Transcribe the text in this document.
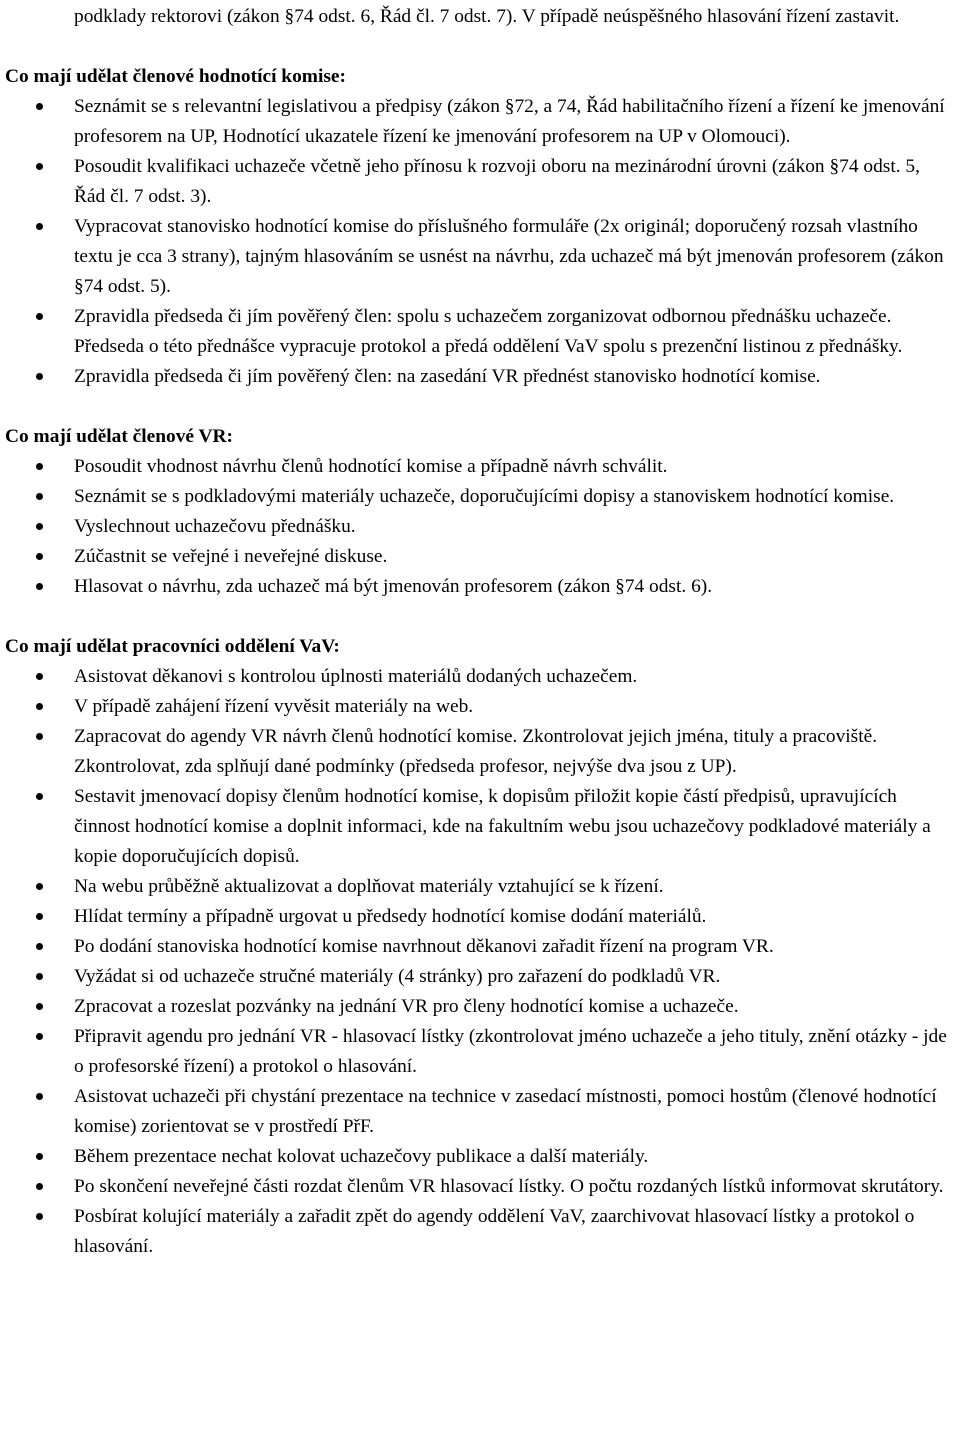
podklady rektorovi (zákon §74 odst. 6, Řád čl. 7 odst. 7). V případě neúspěšného hlasování řízení zastavit.

Co mají udělat členové hodnotící komise:

Seznámit se s relevantní legislativou a předpisy (zákon §72, a 74, Řád habilitačního řízení a řízení ke jmenování profesorem na UP, Hodnotící ukazatele řízení ke jmenování profesorem na UP v Olomouci).
Posoudit kvalifikaci uchazeče včetně jeho přínosu k rozvoji oboru na mezinárodní úrovni (zákon §74 odst. 5, Řád čl. 7 odst. 3).
Vypracovat stanovisko hodnotící komise do příslušného formuláře (2x originál; doporučený rozsah vlastního textu je cca 3 strany), tajným hlasováním se usnést na návrhu, zda uchazeč má být jmenován profesorem (zákon §74 odst. 5).
Zpravidla předseda či jím pověřený člen: spolu s uchazečem zorganizovat odbornou přednášku uchazeče. Předseda o této přednášce vypracuje protokol a předá oddělení VaV spolu s prezenční listinou z přednášky.
Zpravidla předseda či jím pověřený člen: na zasedání VR přednést stanovisko hodnotící komise.

Co mají udělat členové VR:

Posoudit vhodnost návrhu členů hodnotící komise a případně návrh schválit.
Seznámit se s podkladovými materiály uchazeče, doporučujícími dopisy a stanoviskem hodnotící komise.
Vyslechnout uchazečovu přednášku.
Zúčastnit se veřejné i neveřejné diskuse.
Hlasovat o návrhu, zda uchazeč má být jmenován profesorem (zákon §74 odst. 6).

Co mají udělat pracovníci oddělení VaV:

Asistovat děkanovi s kontrolou úplnosti materiálů dodaných uchazečem.
V případě zahájení řízení vyvěsit materiály na web.
Zapracovat do agendy VR návrh členů hodnotící komise. Zkontrolovat jejich jména, tituly a pracoviště. Zkontrolovat, zda splňují dané podmínky (předseda profesor, nejvýše dva jsou z UP).
Sestavit jmenovací dopisy členům hodnotící komise, k dopisům přiložit kopie částí předpisů, upravujících činnost hodnotící komise a doplnit informaci, kde na fakultním webu jsou uchazečovy podkladové materiály a kopie doporučujících dopisů.
Na webu průběžně aktualizovat a doplňovat materiály vztahující se k řízení.
Hlídat termíny a případně urgovat u předsedy hodnotící komise dodání materiálů.
Po dodání stanoviska hodnotící komise navrhnout děkanovi zařadit řízení na program VR.
Vyžádat si od uchazeče stručné materiály (4 stránky) pro zařazení do podkladů VR.
Zpracovat a rozeslat pozvánky na jednání VR pro členy hodnotící komise a uchazeče.
Připravit agendu pro jednání VR - hlasovací lístky (zkontrolovat jméno uchazeče a jeho tituly, znění otázky - jde o profesorské řízení) a protokol o hlasování.
Asistovat uchazeči při chystání prezentace na technice v zasedací místnosti, pomoci hostům (členové hodnotící komise) zorientovat se v prostředí PřF.
Během prezentace nechat kolovat uchazečovy publikace a další materiály.
Po skončení neveřejné části rozdat členům VR hlasovací lístky. O počtu rozdaných lístků informovat skrutátory.
Posbírat kolující materiály a zařadit zpět do agendy oddělení VaV, zaarchivovat hlasovací lístky a protokol o hlasování.
